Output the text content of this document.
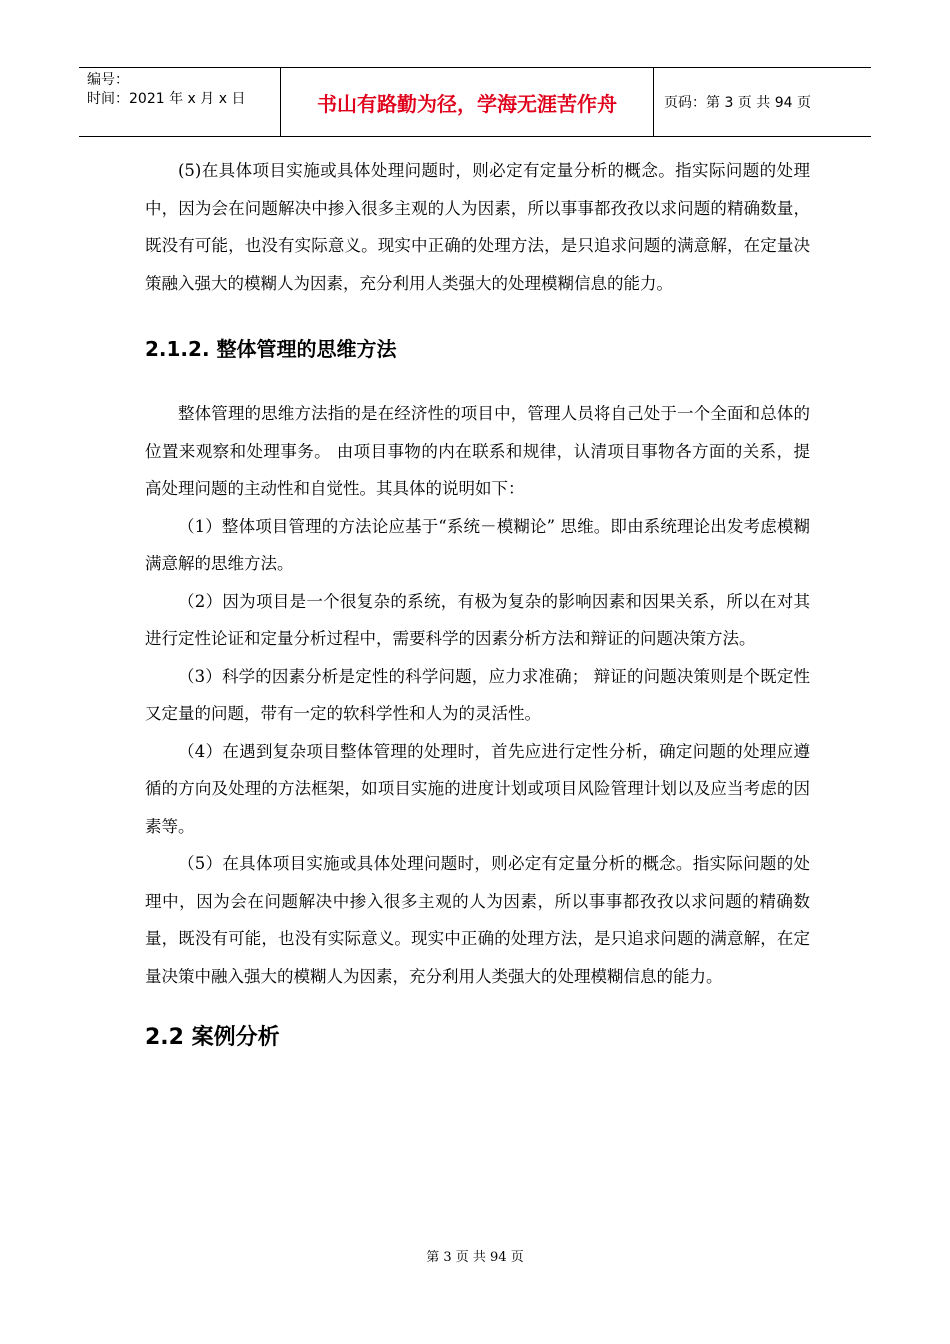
编号：
时间：2021 年 x 月 x 日	书山有路勤为径，学海无涯苦作舟	页码：第 3 页 共 94 页

(5)在具体项目实施或具体处理问题时，则必定有定量分析的概念。指实际问题的处理中，因为会在问题解决中掺入很多主观的人为因素，所以事事都孜孜以求问题的精确数量，既没有可能，也没有实际意义。现实中正确的处理方法，是只追求问题的满意解，在定量决策融入强大的模糊人为因素，充分利用人类强大的处理模糊信息的能力。

2.1.2. 整体管理的思维方法

整体管理的思维方法指的是在经济性的项目中，管理人员将自己处于一个全面和总体的位置来观察和处理事务。 由项目事物的内在联系和规律，认清项目事物各方面的关系，提高处理问题的主动性和自觉性。其具体的说明如下：

（1）整体项目管理的方法论应基于“系统－模糊论” 思维。即由系统理论出发考虑模糊满意解的思维方法。

（2）因为项目是一个很复杂的系统，有极为复杂的影响因素和因果关系，所以在对其进行定性论证和定量分析过程中，需要科学的因素分析方法和辩证的问题决策方法。

（3）科学的因素分析是定性的科学问题，应力求准确； 辩证的问题决策则是个既定性又定量的问题，带有一定的软科学性和人为的灵活性。

（4）在遇到复杂项目整体管理的处理时，首先应进行定性分析，确定问题的处理应遵循的方向及处理的方法框架，如项目实施的进度计划或项目风险管理计划以及应当考虑的因素等。

（5）在具体项目实施或具体处理问题时，则必定有定量分析的概念。指实际问题的处理中，因为会在问题解决中掺入很多主观的人为因素，所以事事都孜孜以求问题的精确数量，既没有可能，也没有实际意义。现实中正确的处理方法，是只追求问题的满意解，在定量决策中融入强大的模糊人为因素，充分利用人类强大的处理模糊信息的能力。

2.2 案例分析
第 3 页 共 94 页
